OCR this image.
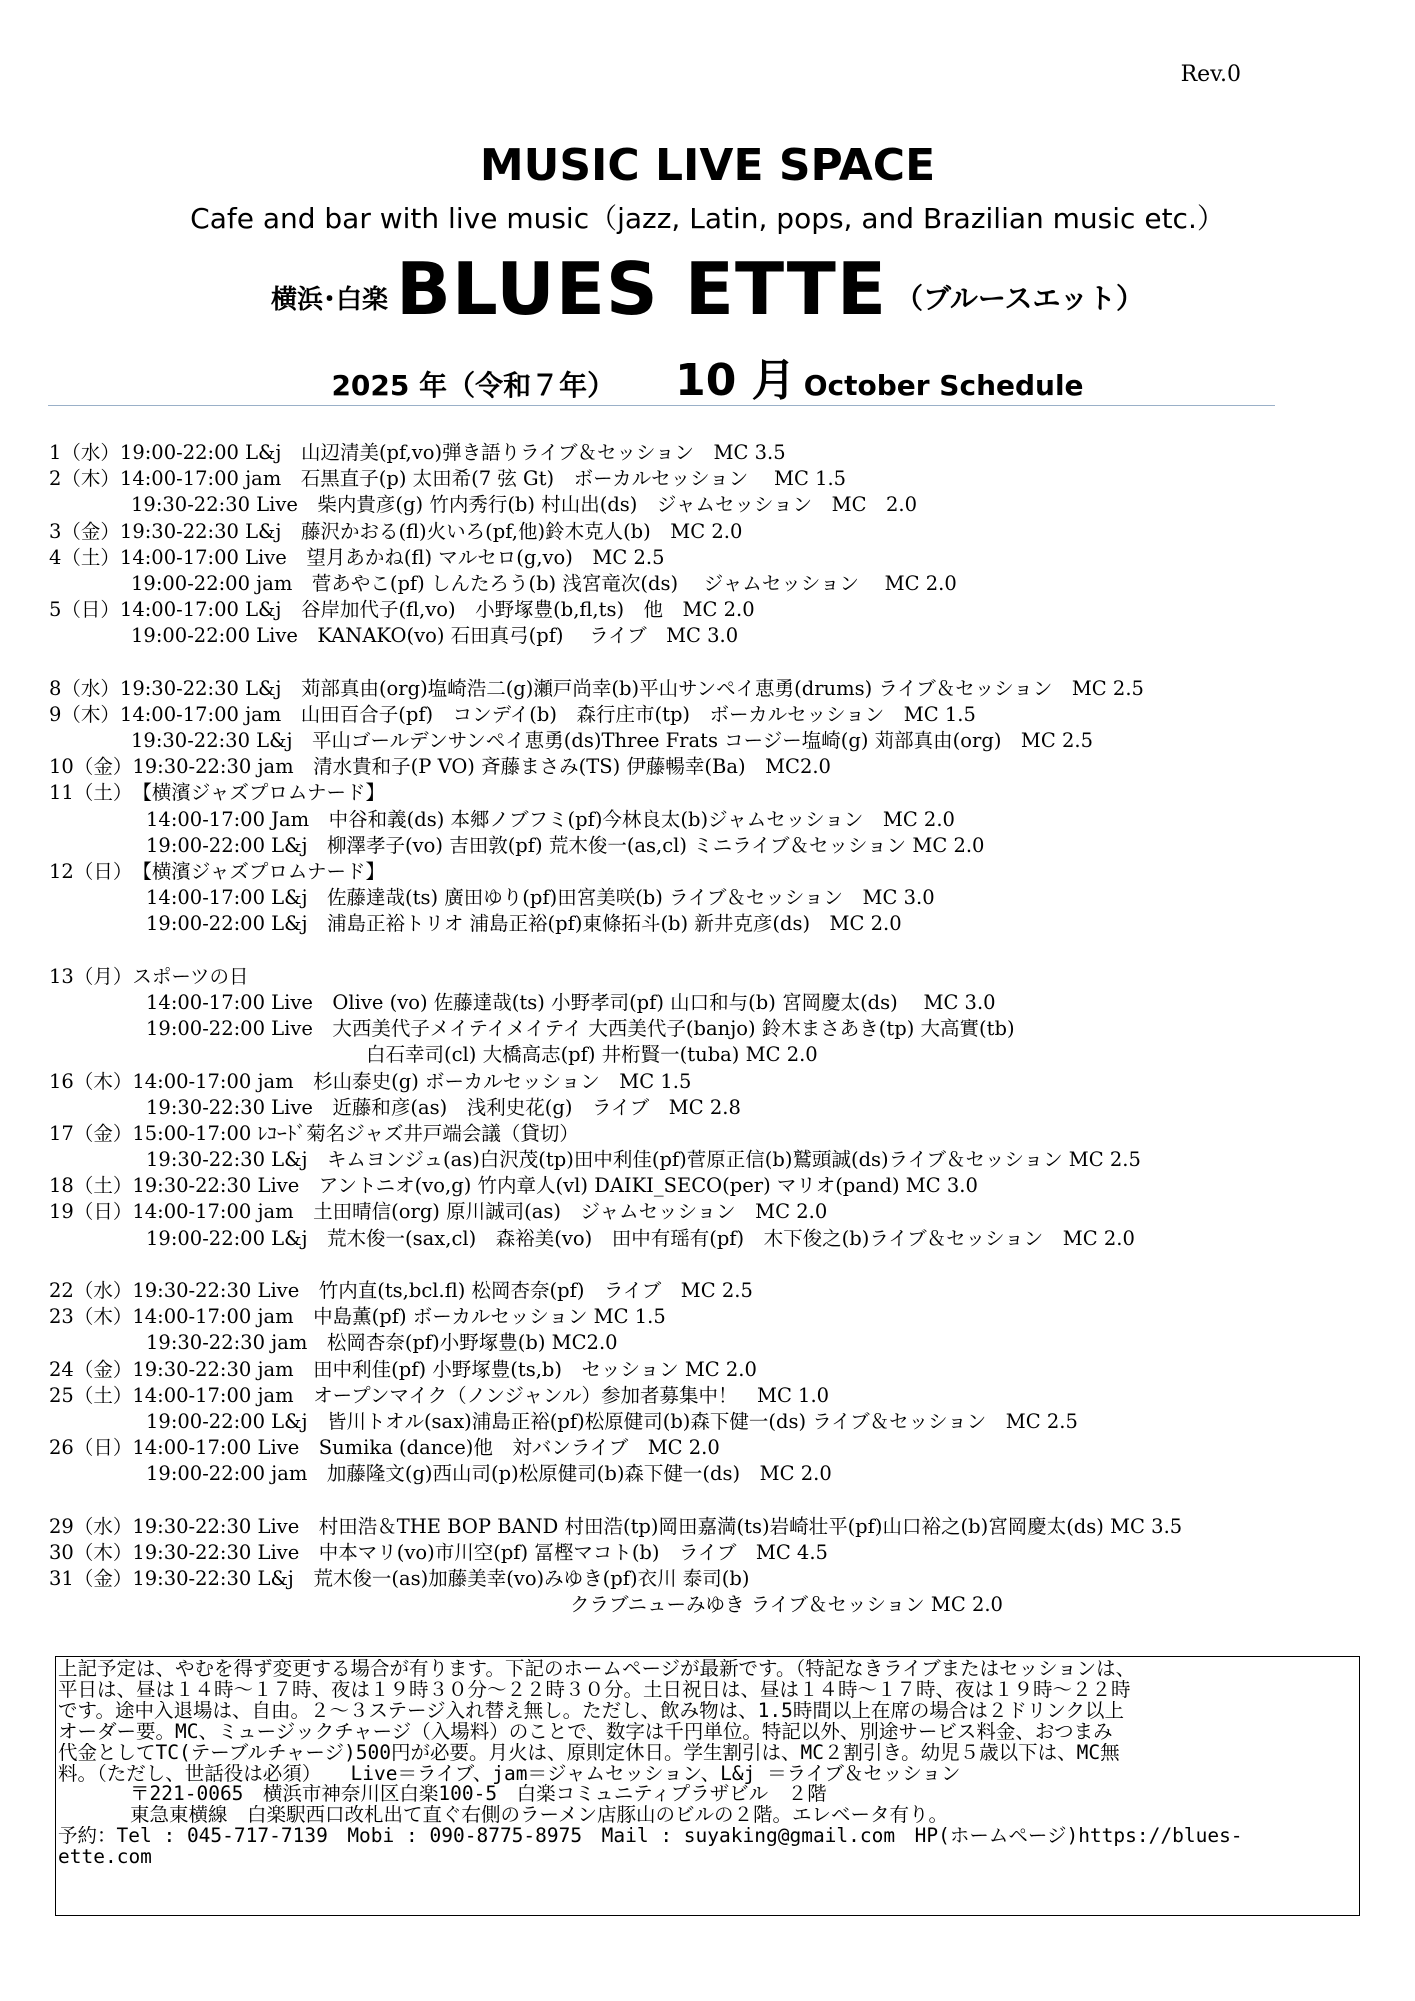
Rev.0
MUSIC LIVE SPACE
Cafe and bar with live music（jazz, Latin, pops, and Brazilian music etc.）
横浜･白楽 BLUES ETTE （ブルースエット）
2025 年（令和７年） 10 月 October Schedule
1（水）19:00-22:00 L&j　山辺清美(pf,vo)弾き語りライブ＆セッション　MC 3.5
2（木）14:00-17:00 jam　石黒直子(p) 太田希(7 弦 Gt)　ボーカルセッション　 MC 1.5
19:30-22:30 Live　柴内貴彦(g) 竹内秀行(b) 村山出(ds)　ジャムセッション　MC　2.0
3（金）19:30-22:30 L&j　藤沢かおる(fl)火いろ(pf,他)鈴木克人(b)　MC 2.0
4（土）14:00-17:00 Live　望月あかね(fl) マルセロ(g,vo)　MC 2.5
19:00-22:00 jam　菅あやこ(pf) しんたろう(b) 浅宮竜次(ds)　 ジャムセッション　 MC 2.0
5（日）14:00-17:00 L&j　谷岸加代子(fl,vo)　小野塚豊(b,fl,ts)　他　MC 2.0
19:00-22:00 Live　KANAKO(vo) 石田真弓(pf)　 ライブ　MC 3.0
8（水）19:30-22:30 L&j　苅部真由(org)塩崎浩二(g)瀬戸尚幸(b)平山サンペイ恵勇(drums) ライブ＆セッション　MC 2.5
9（木）14:00-17:00 jam　山田百合子(pf)　コンデイ(b)　森行庄市(tp)　ボーカルセッション　MC 1.5
19:30-22:30 L&j　平山ゴールデンサンペイ恵勇(ds)Three Frats コージー塩崎(g) 苅部真由(org)　MC 2.5
10（金）19:30-22:30 jam　清水貴和子(P VO) 斉藤まさみ(TS) 伊藤暢幸(Ba)　MC2.0
11（土）　【横濱ジャズプロムナード】
14:00-17:00 Jam　中谷和義(ds) 本郷ノブフミ(pf)今林良太(b)ジャムセッション　MC 2.0
19:00-22:00 L&j　柳澤孝子(vo) 吉田敦(pf) 荒木俊一(as,cl) ミニライブ＆セッション MC 2.0
12（日）　【横濱ジャズプロムナード】
14:00-17:00 L&j　佐藤達哉(ts) 廣田ゆり(pf)田宮美咲(b) ライブ＆セッション　MC 3.0
19:00-22:00 L&j　浦島正裕トリオ 浦島正裕(pf)東條拓斗(b) 新井克彦(ds)　MC 2.0
13（月）スポーツの日
14:00-17:00 Live　Olive (vo) 佐藤達哉(ts) 小野孝司(pf) 山口和与(b) 宮岡慶太(ds)　 MC 3.0
19:00-22:00 Live　大西美代子メイテイメイテイ 大西美代子(banjo) 鈴木まさあき(tp) 大高實(tb)
白石幸司(cl) 大橋高志(pf) 井桁賢一(tuba) MC 2.0
16（木）14:00-17:00 jam　杉山泰史(g) ボーカルセッション　MC 1.5
19:30-22:30 Live　近藤和彦(as)　浅利史花(g)　ライブ　MC 2.8
17（金）15:00-17:00 ﾚｺｰﾄﾞ菊名ジャズ井戸端会議（貸切）
19:30-22:30 L&j　キムヨンジュ(as)白沢茂(tp)田中利佳(pf)菅原正信(b)鷲頭誠(ds)ライブ＆セッション MC 2.5
18（土）19:30-22:30 Live　アントニオ(vo,g) 竹内章人(vl) DAIKI_SECO(per) マリオ(pand) MC 3.0
19（日）14:00-17:00 jam　土田晴信(org) 原川誠司(as)　ジャムセッション　MC 2.0
19:00-22:00 L&j　荒木俊一(sax,cl)　森裕美(vo)　田中有瑶有(pf)　木下俊之(b)ライブ＆セッション　MC 2.0
22（水）19:30-22:30 Live　竹内直(ts,bcl.fl) 松岡杏奈(pf)　ライブ　MC 2.5
23（木）14:00-17:00 jam　中島薫(pf) ボーカルセッション MC 1.5
19:30-22:30 jam　松岡杏奈(pf)小野塚豊(b) MC2.0
24（金）19:30-22:30 jam　田中利佳(pf) 小野塚豊(ts,b)　セッション MC 2.0
25（土）14:00-17:00 jam　オープンマイク（ノンジャンル）参加者募集中！　MC 1.0
19:00-22:00 L&j　皆川トオル(sax)浦島正裕(pf)松原健司(b)森下健一(ds) ライブ＆セッション　MC 2.5
26（日）14:00-17:00 Live　Sumika (dance)他　対バンライブ　MC 2.0
19:00-22:00 jam　加藤隆文(g)西山司(p)松原健司(b)森下健一(ds)　MC 2.0
29（水）19:30-22:30 Live　村田浩＆THE BOP BAND 村田浩(tp)岡田嘉満(ts)岩崎壮平(pf)山口裕之(b)宮岡慶太(ds) MC 3.5
30（木）19:30-22:30 Live　中本マリ(vo)市川空(pf) 冨樫マコト(b)　ライブ　MC 4.5
31（金）19:30-22:30 L&j　荒木俊一(as)加藤美幸(vo)みゆき(pf)衣川 泰司(b)
クラブニューみゆき ライブ＆セッション MC 2.0
上記予定は、やむを得ず変更する場合が有ります。下記のホームページが最新です。（特記なきライブまたはセッションは、
平日は、昼は１４時～１７時、夜は１９時３０分～２２時３０分。土日祝日は、昼は１４時～１７時、夜は１９時～２２時
です。途中入退場は、自由。２～３ステージ入れ替え無し。ただし、飲み物は、1.5時間以上在席の場合は２ドリンク以上
オーダー要。MC、ミュージックチャージ（入場料）のことで、数字は千円単位。特記以外、別途サービス料金、おつまみ
代金としてTC(テーブルチャージ)500円が必要。月火は、原則定休日。学生割引は、MC２割引き。幼児５歳以下は、MC無
料。（ただし、世話役は必須）　　Live＝ライブ、jam＝ジャムセッション、L&j ＝ライブ＆セッション
〒221-0065　横浜市神奈川区白楽100-5　白楽コミュニティプラザビル　２階
東急東横線　白楽駅西口改札出て直ぐ右側のラーメン店豚山のビルの２階。エレベータ有り。
予約：Tel : 045-717-7139　Mobi : 090-8775-8975　Mail : suyaking@gmail.com　HP(ホームページ)https://blues-
ette.com
